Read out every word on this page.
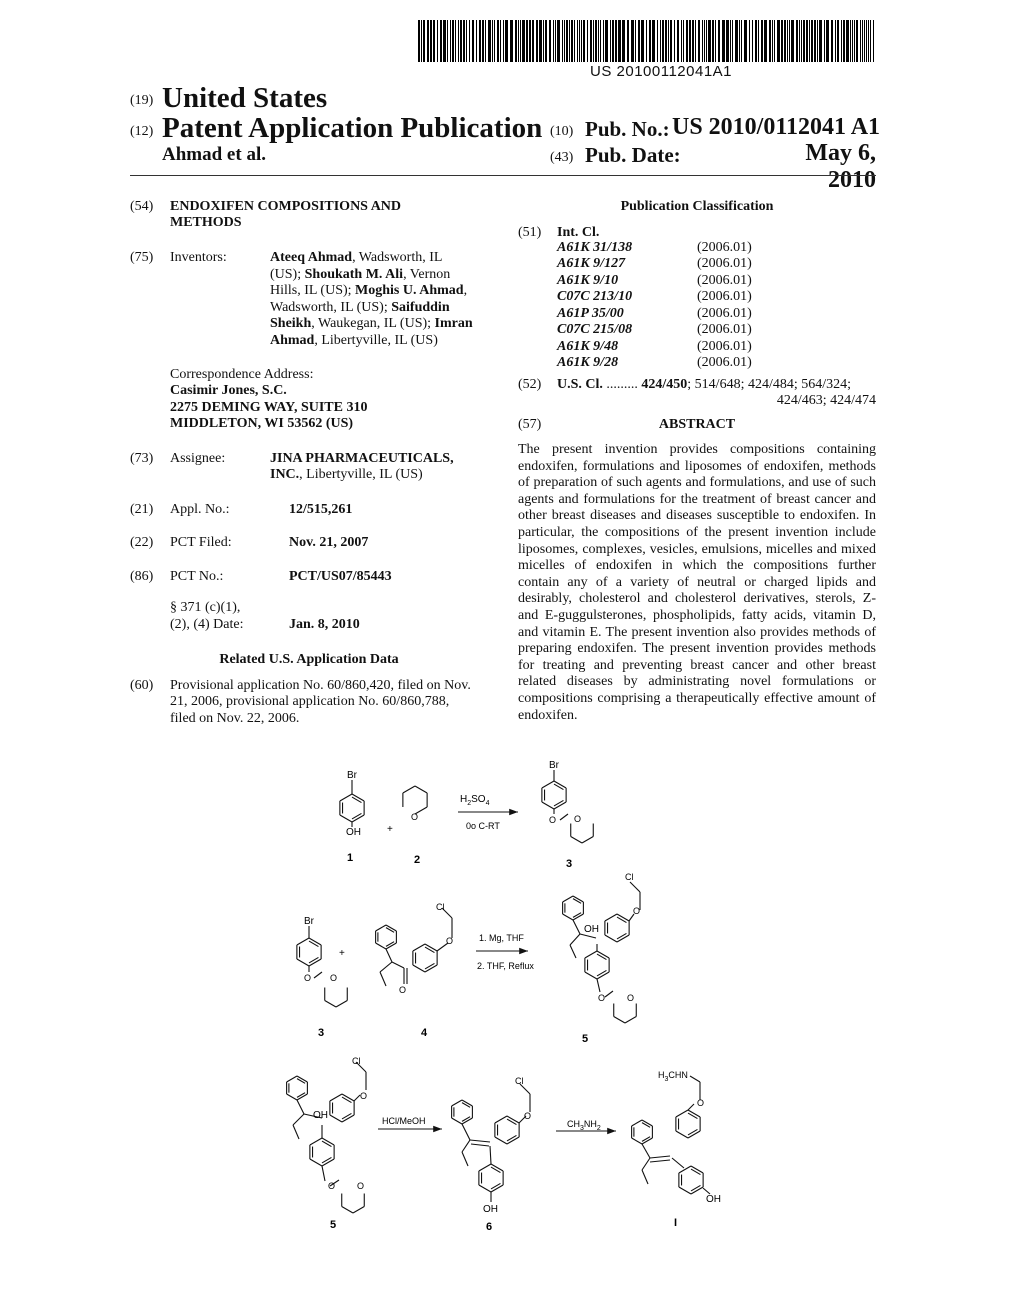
US 20100112041A1
(19) United States
(12) Patent Application Publication
Ahmad et al.
(10) Pub. No.: US 2010/0112041 A1
(43) Pub. Date:	May 6, 2010
(54) ENDOXIFEN COMPOSITIONS AND
METHODS
(75) Inventors:	Ateeq Ahmad, Wadsworth, IL
(US); Shoukath M. Ali, Vernon
Hills, IL (US); Moghis U. Ahmad,
Wadsworth, IL (US); Saifuddin
Sheikh, Waukegan, IL (US); Imran
Ahmad, Libertyville, IL (US)
Correspondence Address:
Casimir Jones, S.C.
2275 DEMING WAY, SUITE 310
MIDDLETON, WI 53562 (US)
(73) Assignee:	JINA PHARMACEUTICALS,
INC., Libertyville, IL (US)
(21) Appl. No.:	12/515,261
(22) PCT Filed:	Nov. 21, 2007
(86) PCT No.:	PCT/US07/85443
§ 371 (c)(1),
(2), (4) Date:	Jan. 8, 2010
Related U.S. Application Data
(60) Provisional application No. 60/860,420, filed on Nov.
21, 2006, provisional application No. 60/860,788,
filed on Nov. 22, 2006.
Publication Classification
(51) Int. Cl.
A61K 31/138	(2006.01)
A61K 9/127	(2006.01)
A61K 9/10	(2006.01)
C07C 213/10	(2006.01)
A61P 35/00	(2006.01)
C07C 215/08	(2006.01)
A61K 9/48	(2006.01)
A61K 9/28	(2006.01)
(52) U.S. Cl. ......... 424/450; 514/648; 424/484; 564/324;
424/463; 424/474
(57)	ABSTRACT
The present invention provides compositions containing endoxifen, formulations and liposomes of endoxifen, methods of preparation of such agents and formulations, and use of such agents and formulations for the treatment of breast cancer and other breast diseases and diseases susceptible to endoxifen. In particular, the compositions of the present invention include liposomes, complexes, vesicles, emulsions, micelles and mixed micelles of endoxifen in which the compositions further contain any of a variety of neutral or charged lipids and desirably, cholesterol and cholesterol derivatives, sterols, Z- and E-guggulsterones, phospholipids, fatty acids, vitamin D, and vitamin E. The present invention also provides methods of preparing endoxifen. The present invention provides methods for treating and preventing breast cancer and other breast related diseases by administrating novel formulations or compositions comprising a therapeutically effective amount of endoxifen.
Br
OH	+
O
$H_2SO_4$
0o C-RT
Br
O O
1	2	3
Br
O O
+
Cl
O
O
1. Mg, THF
2. THF, Reflux
Cl
O
OH
O O
3	4	5
Cl
O
OH
O O
HCl/MeOH
Cl
O
OH
$CH_3NH_2$
$H_3CHN$
O
OH
5	6	I
